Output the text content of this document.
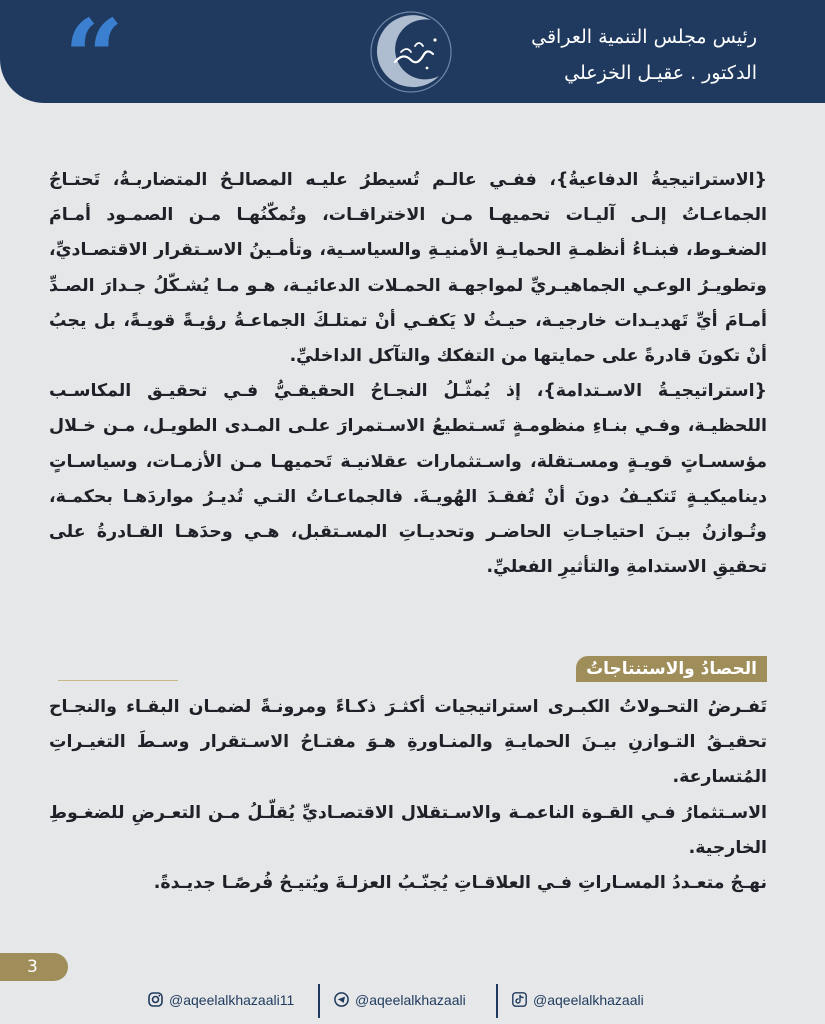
“	رئيس مجلس التنمية العراقي
الدكتور . عقيـل الخزعلي

{الاستراتيجيةُ الدفاعيةُ}، ففـي عالـم تُسيطرُ عليـه المصالـحُ المتضاربـةُ، تَحتـاجُ الجماعـاتُ إلـى آليـات تحميهـا مـن الاختراقـات، وتُمكّنُهـا مـن الصمـود أمـامَ الضغـوط، فبنـاءُ أنظمـةِ الحمايـةِ الأمنيـةِ والسياسـية، وتأمـينُ الاسـتقرار الاقتصـاديِّ، وتطويـرُ الوعـي الجماهيـريِّ لمواجهـة الحمـلات الدعائيـة، هـو مـا يُشـكّلُ جـدارَ الصـدِّ أمـامَ أيِّ تَهديـدات خارجيـة، حيـثُ لا يَكفـي أنْ تمتلـكَ الجماعـةُ رؤيـةً قويـةً، بل يجبُ أنْ تكونَ قادرةً على حمايتها من التفكك والتآكل الداخليِّ.

{استراتيجيـةُ الاسـتدامة}، إذ يُمثّـلُ النجـاحُ الحقيقـيُّ فـي تحقيـق المكاسـب اللحظيـة، وفـي بنـاءِ منظومـةٍ تَسـتطيعُ الاسـتمرارَ علـى المـدى الطويـل، مـن خـلال مؤسسـاتٍ قويـةٍ ومسـتقلة، واسـتثمارات عقلانيـة تَحميهـا مـن الأزمـات، وسياسـاتٍ ديناميكيـةٍ تَتكيـفُ دونَ أنْ تُفقـدَ الهُويـةَ. فالجماعـاتُ التـي تُديـرُ مواردَهـا بحكمـة، وتُـوازنُ بيـنَ احتياجـاتِ الحاضـر وتحديـاتِ المسـتقبل، هـي وحدَهـا القـادرةُ على تحقيقِ الاستدامةِ والتأثيرِ الفعليِّ.

الحصادُ والاستنتاجاتُ

تَفـرضُ التحـولاتُ الكبـرى استراتيجيات أكثـرَ ذكـاءً ومرونـةً لضمـان البقـاء والنجـاح تحقيـقُ التـوازنِ بيـنَ الحمايـةِ والمنـاورةِ هـوَ مفتـاحُ الاسـتقرار وسـطَ التغيـراتِ المُتسارعة.

الاسـتثمارُ فـي القـوة الناعمـة والاسـتقلال الاقتصـاديِّ يُقلّـلُ مـن التعـرضِ للضغـوطِ الخارجية.

نهـجُ متعـددُ المسـاراتِ فـي العلاقـاتِ يُجنّـبُ العزلـةَ ويُتيـحُ فُرصًـا جديـدةً.

3
@aqeelalkhazaali11	@aqeelalkhazaali	@aqeelalkhazaali
